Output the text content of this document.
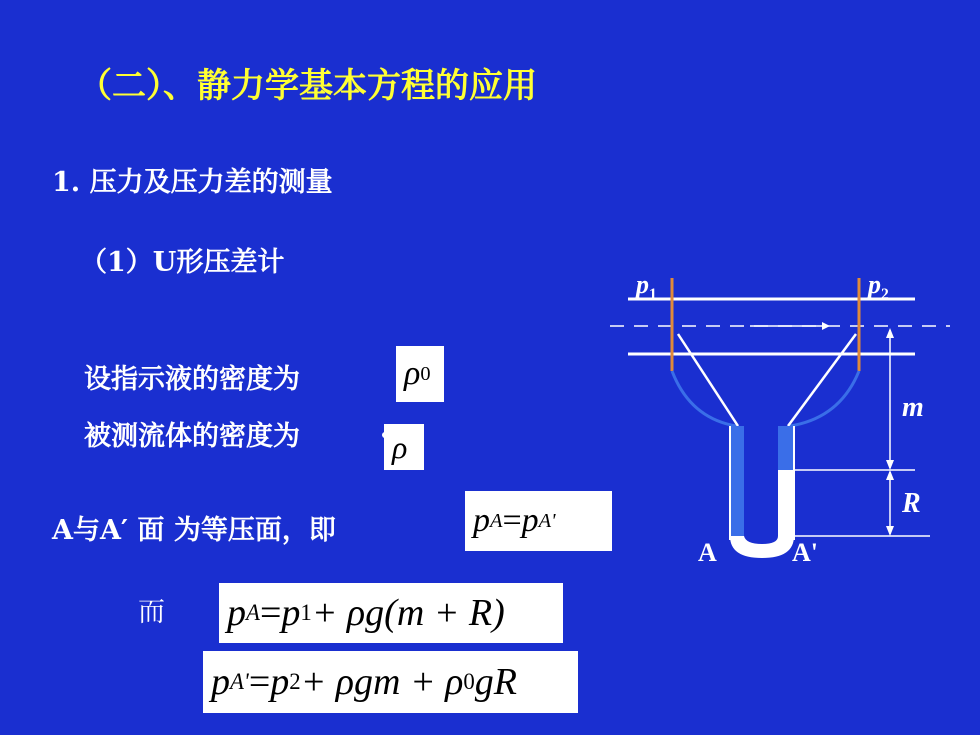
（二）、静力学基本方程的应用
1. 压力及压力差的测量
（1）U形压差计
设指示液的密度为	ρ 0
被测流体的密度为	ρ
A与A′ 面 为等压面，即	p A = p A'
而 p A = p 1 + ρg(m + R)
p A' = p 2 + ρgm + ρ 0 gR
$p_1$	$p_2$
m
R
A	A'
